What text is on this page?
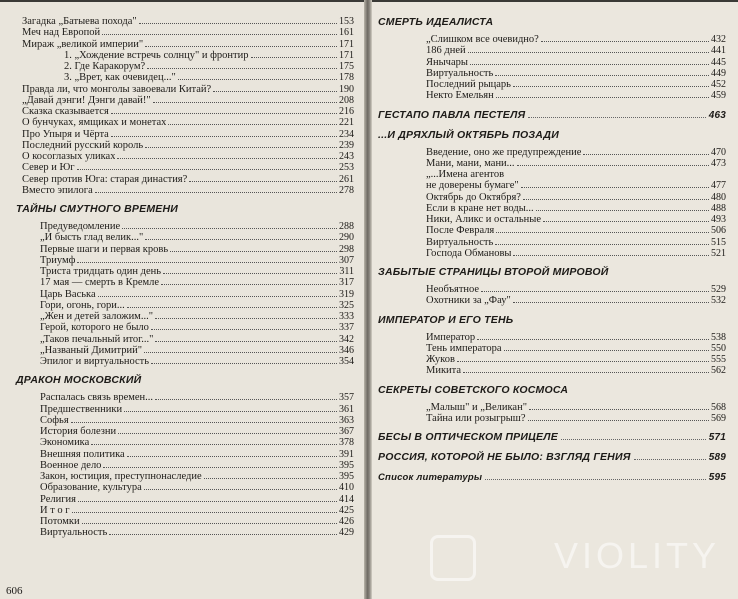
Загадка „Батыева похода"	153
Меч над Европой	161
Мираж „великой империи"	171
1. „Хождение встречь солнцу" и фронтир	171
2. Где Каракорум?	175
3. „Врет, как очевидец..."	178
Правда ли, что монголы завоевали Китай?	190
„Давай дэнги! Дэнги давай!"	208
Сказка сказывается	216
О бунчуках, ямщиках и монетах	221
Про Упыря и Чёрта	234
Последний русский король	239
О косоглазых уликах	243
Север и Юг	253
Север против Юга: старая династия?	261
Вместо эпилога	278
ТАЙНЫ СМУТНОГО ВРЕМЕНИ
Предуведомление	288
„И бысть глад велик..."	290
Первые шаги и первая кровь	298
Триумф	307
Триста тридцать один день	311
17 мая — смерть в Кремле	317
Царь Васька	319
Гори, огонь, гори...	325
„Жен и детей заложим..."	333
Герой, которого не было	337
„Таков печальный итог..."	342
„Названый Димитрий"	346
Эпилог и виртуальность	354
ДРАКОН МОСКОВСКИЙ
Распалась связь времен...	357
Предшественники	361
Софья	363
История болезни	367
Экономика	378
Внешняя политика	391
Военное дело	395
Закон, юстиция, преступнонаследие	395
Образование, культура	410
Религия	414
И т о г	425
Потомки	426
Виртуальность	429
606
СМЕРТЬ ИДЕАЛИСТА
„Слишком все очевидно?	432
186 дней	441
Янычары	445
Виртуальность	449
Последний рыцарь	452
Некто Емельян	459
ГЕСТАПО ПАВЛА ПЕСТЕЛЯ	463
...И ДРЯХЛЫЙ ОКТЯБРЬ ПОЗАДИ
Введение, оно же предупреждение	470
Мани, мани, мани...	473
„...Имена агентов
не доверены бумаге"	477
Октябрь до Октября?	480
Если в кране нет воды...	488
Ники, Аликс и остальные	493
После Февраля	506
Виртуальность	515
Господа Обмановы	521
ЗАБЫТЫЕ СТРАНИЦЫ ВТОРОЙ МИРОВОЙ
Необъятное	529
Охотники за „Фау"	532
ИМПЕРАТОР И ЕГО ТЕНЬ
Император	538
Тень императора	550
Жуков	555
Микита	562
СЕКРЕТЫ СОВЕТСКОГО КОСМОСА
„Малыш" и „Великан"	568
Тайна или розыгрыш?	569
БЕСЫ В ОПТИЧЕСКОМ ПРИЦЕЛЕ	571
РОССИЯ, КОТОРОЙ НЕ БЫЛО: ВЗГЛЯД ГЕНИЯ	589
Список литературы	595
VIOLITY
